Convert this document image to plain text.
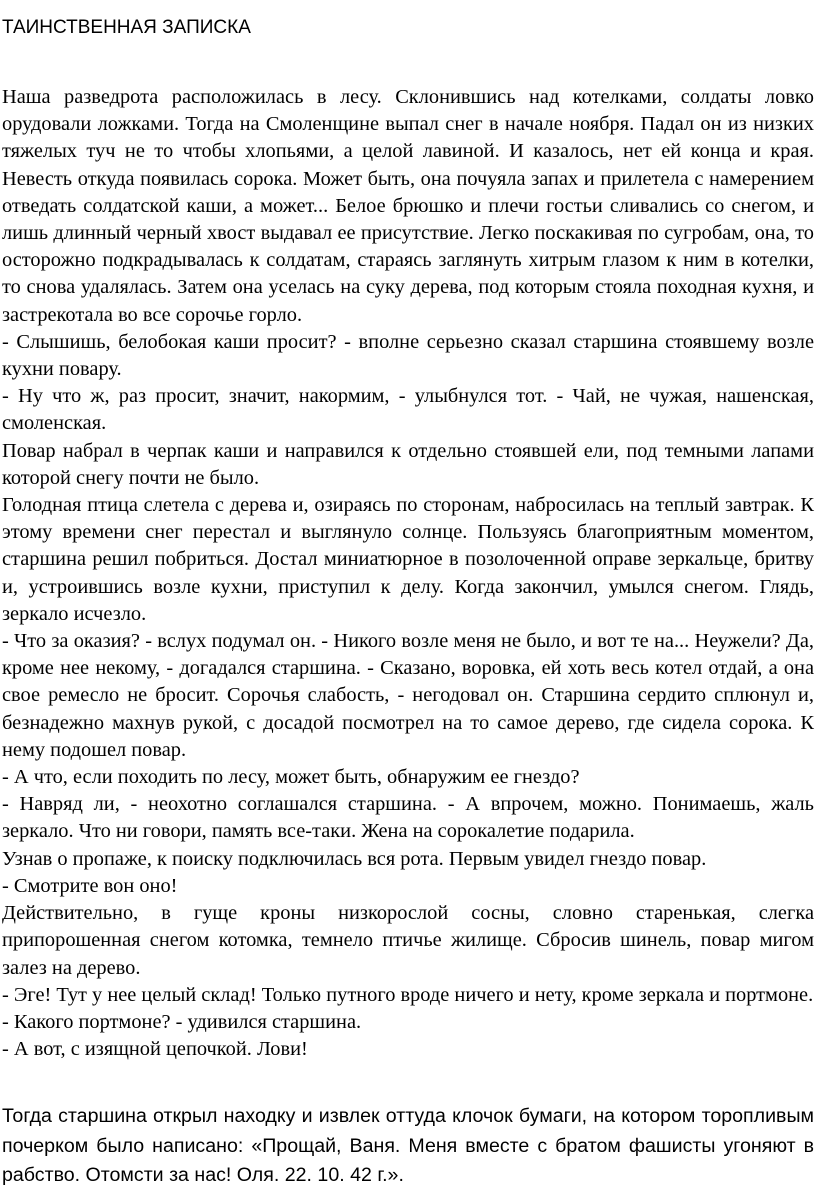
ТАИНСТВЕННАЯ ЗАПИСКА

Наша разведрота расположилась в лесу. Склонившись над котелками, солдаты ловко орудовали ложками. Тогда на Смоленщине выпал снег в начале ноября. Падал он из низких тяжелых туч не то чтобы хлопьями, а целой лавиной. И казалось, нет ей конца и края. Невесть откуда появилась сорока. Может быть, она почуяла запах и прилетела с намерением отведать солдатской каши, а может... Белое брюшко и плечи гостьи сливались со снегом, и лишь длинный черный хвост выдавал ее присутствие. Легко поскакивая по сугробам, она, то осторожно подкрадывалась к солдатам, стараясь заглянуть хитрым глазом к ним в котелки, то снова удалялась. Затем она уселась на суку дерева, под которым стояла походная кухня, и застрекотала во все сорочье горло.

- Слышишь, белобокая каши просит? - вполне серьезно сказал старшина стоявшему возле кухни повару.

- Ну что ж, раз просит, значит, накормим, - улыбнулся тот. - Чай, не чужая, нашенская, смоленская.

Повар набрал в черпак каши и направился к отдельно стоявшей ели, под темными лапами которой снегу почти не было.

Голодная птица слетела с дерева и, озираясь по сторонам, набросилась на теплый завтрак. К этому времени снег перестал и выглянуло солнце. Пользуясь благоприятным моментом, старшина решил побриться. Достал миниатюрное в позолоченной оправе зеркальце, бритву и, устроившись возле кухни, приступил к делу. Когда закончил, умылся снегом. Глядь, зеркало исчезло.

- Что за оказия? - вслух подумал он. - Никого возле меня не было, и вот те на... Неужели? Да, кроме нее некому, - догадался старшина. - Сказано, воровка, ей хоть весь котел отдай, а она свое ремесло не бросит. Сорочья слабость, - негодовал он. Старшина сердито сплюнул и, безнадежно махнув рукой, с досадой посмотрел на то самое дерево, где сидела сорока. К нему подошел повар.

- А что, если походить по лесу, может быть, обнаружим ее гнездо?

- Навряд ли, - неохотно соглашался старшина. - А впрочем, можно. Понимаешь, жаль зеркало. Что ни говори, память все-таки. Жена на сорокалетие подарила.

Узнав о пропаже, к поиску подключилась вся рота. Первым увидел гнездо повар.

- Смотрите вон оно!

Действительно, в гуще кроны низкорослой сосны, словно старенькая, слегка припорошенная снегом котомка, темнело птичье жилище. Сбросив шинель, повар мигом залез на дерево.

- Эге! Тут у нее целый склад! Только путного вроде ничего и нету, кроме зеркала и портмоне.

- Какого портмоне? - удивился старшина.

- А вот, с изящной цепочкой. Лови!

Тогда старшина открыл находку и извлек оттуда клочок бумаги, на котором торопливым почерком было написано: «Прощай, Ваня. Меня вместе с братом фашисты угоняют в рабство. Отомсти за нас! Оля. 22. 10. 42 г.».
